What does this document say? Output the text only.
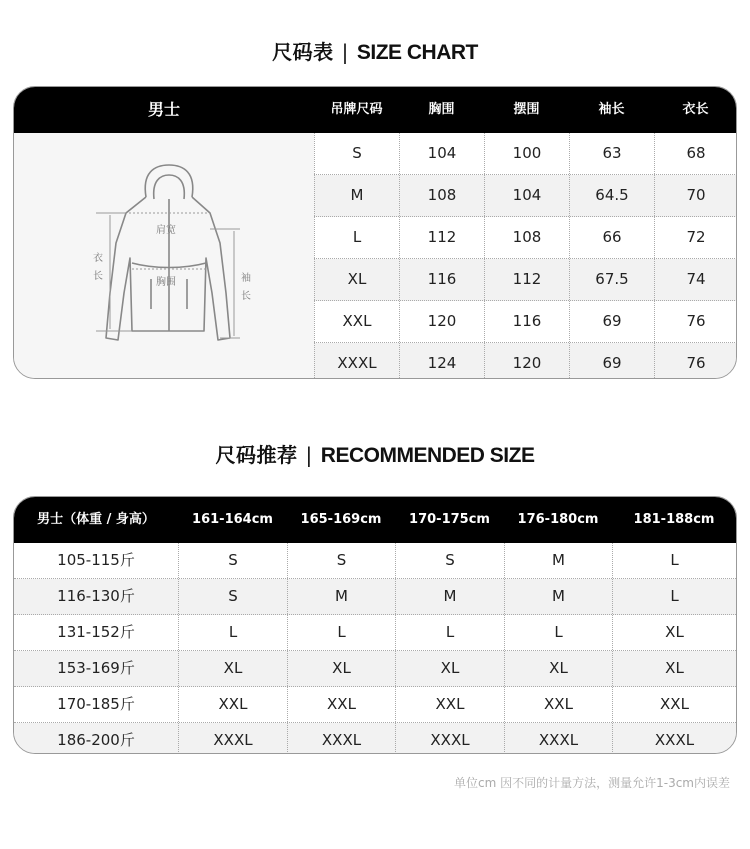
尺码表 | SIZE CHART
男士	吊牌尺码	胸围	摆围	袖长	衣长
肩宽
胸围
衣
长	袖
长
S	104	100	63	68
M	108	104	64.5	70
L	112	108	66	72
XL	116	112	67.5	74
XXL	120	116	69	76
XXXL	124	120	69	76
尺码推荐 | RECOMMENDED SIZE
男士（体重 / 身高）	161-164cm	165-169cm	170-175cm	176-180cm	181-188cm
105-115斤	S	S	S	M	L
116-130斤	S	M	M	M	L
131-152斤	L	L	L	L	XL
153-169斤	XL	XL	XL	XL	XL
170-185斤	XXL	XXL	XXL	XXL	XXL
186-200斤	XXXL	XXXL	XXXL	XXXL	XXXL
单位cm 因不同的计量方法，测量允许1-3cm内误差
